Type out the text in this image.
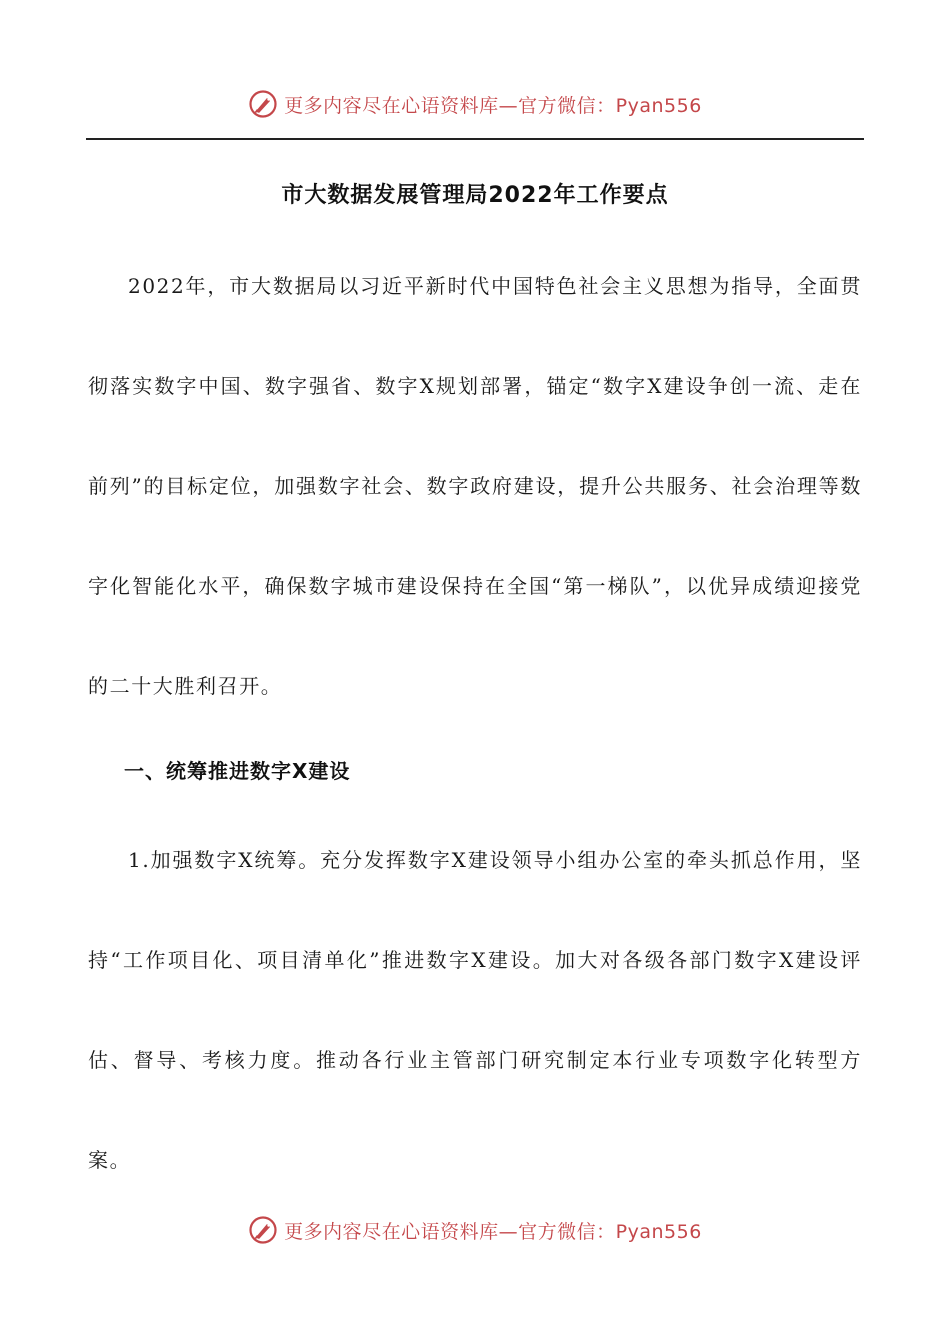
更多内容尽在心语资料库—官方微信：Pyan556
市大数据发展管理局2022年工作要点

2022年，市大数据局以习近平新时代中国特色社会主义思想为指导，全面贯彻落实数字中国、数字强省、数字X规划部署，锚定“数字X建设争创一流、走在前列”的目标定位，加强数字社会、数字政府建设，提升公共服务、社会治理等数字化智能化水平，确保数字城市建设保持在全国“第一梯队”，以优异成绩迎接党的二十大胜利召开。

一、统筹推进数字X建设

1.加强数字X统筹。充分发挥数字X建设领导小组办公室的牵头抓总作用，坚持“工作项目化、项目清单化”推进数字X建设。加大对各级各部门数字X建设评估、督导、考核力度。推动各行业主管部门研究制定本行业专项数字化转型方案。

更多内容尽在心语资料库—官方微信：Pyan556
